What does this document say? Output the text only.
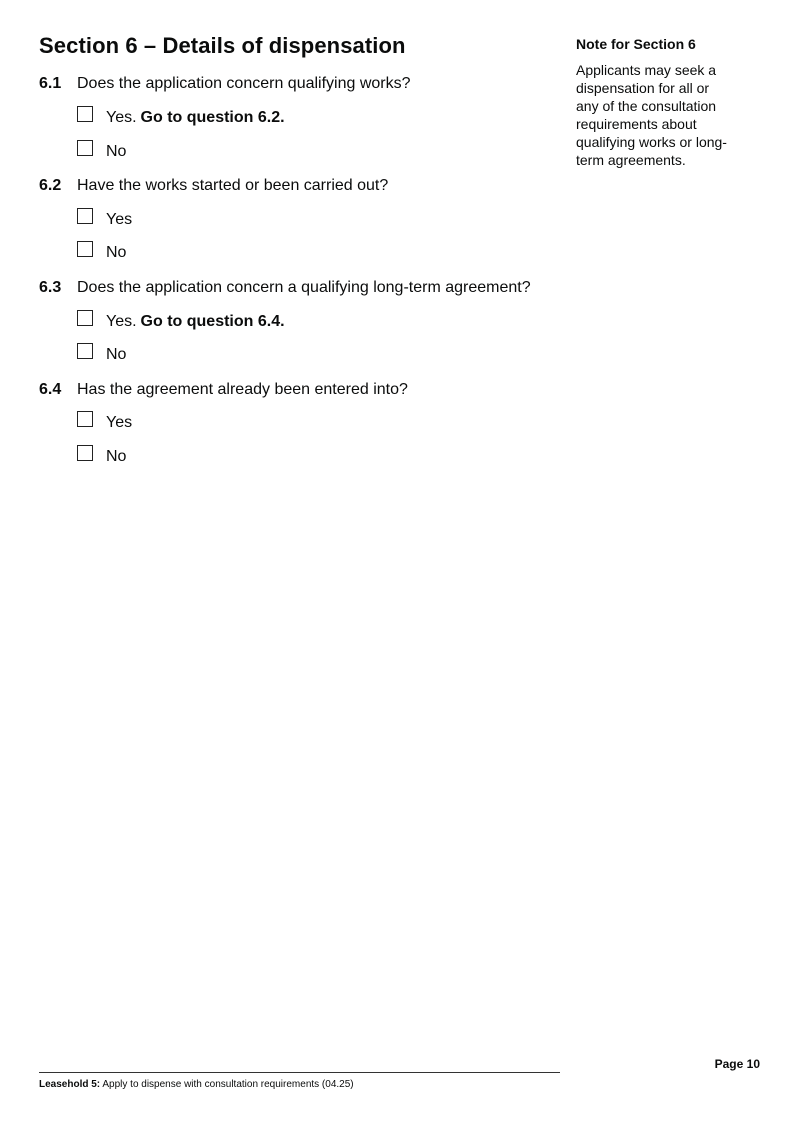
Section 6 – Details of dispensation
6.1 Does the application concern qualifying works?
Yes. Go to question 6.2.
No
6.2 Have the works started or been carried out?
Yes
No
6.3 Does the application concern a qualifying long-term agreement?
Yes. Go to question 6.4.
No
6.4 Has the agreement already been entered into?
Yes
No

Note for Section 6

Applicants may seek a
dispensation for all or
any of the consultation
requirements about
qualifying works or long-
term agreements.

Page 10
Leasehold 5: Apply to dispense with consultation requirements (04.25)
